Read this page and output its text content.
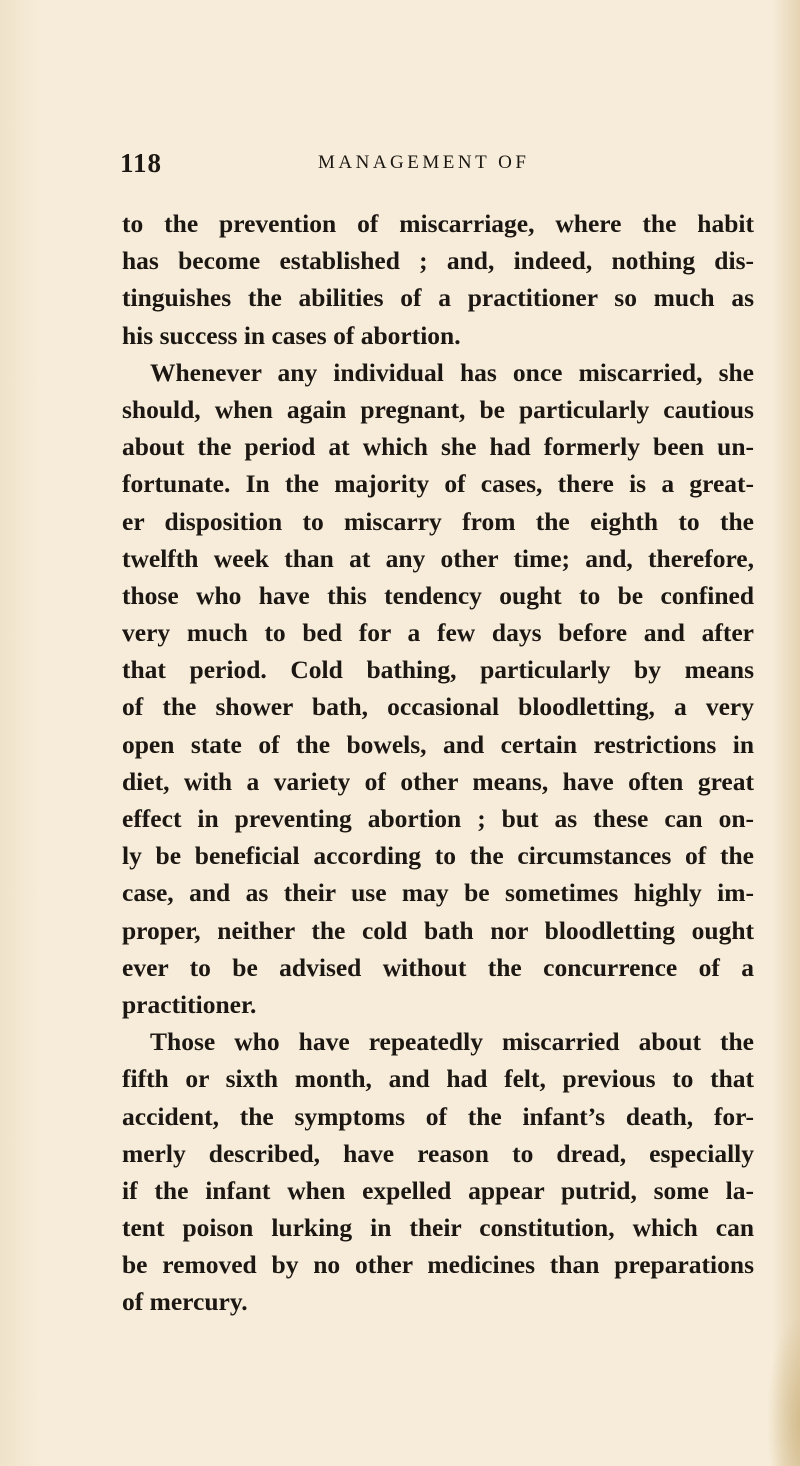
118	MANAGEMENT OF
to the prevention of miscarriage, where the habit
has become established ; and, indeed, nothing dis-
tinguishes the abilities of a practitioner so much as
his success in cases of abortion.
Whenever any individual has once miscarried, she
should, when again pregnant, be particularly cautious
about the period at which she had formerly been un-
fortunate. In the majority of cases, there is a great-
er disposition to miscarry from the eighth to the
twelfth week than at any other time; and, therefore,
those who have this tendency ought to be confined
very much to bed for a few days before and after
that period. Cold bathing, particularly by means
of the shower bath, occasional bloodletting, a very
open state of the bowels, and certain restrictions in
diet, with a variety of other means, have often great
effect in preventing abortion ; but as these can on-
ly be beneficial according to the circumstances of the
case, and as their use may be sometimes highly im-
proper, neither the cold bath nor bloodletting ought
ever to be advised without the concurrence of a
practitioner.
Those who have repeatedly miscarried about the
fifth or sixth month, and had felt, previous to that
accident, the symptoms of the infant’s death, for-
merly described, have reason to dread, especially
if the infant when expelled appear putrid, some la-
tent poison lurking in their constitution, which can
be removed by no other medicines than preparations
of mercury.
